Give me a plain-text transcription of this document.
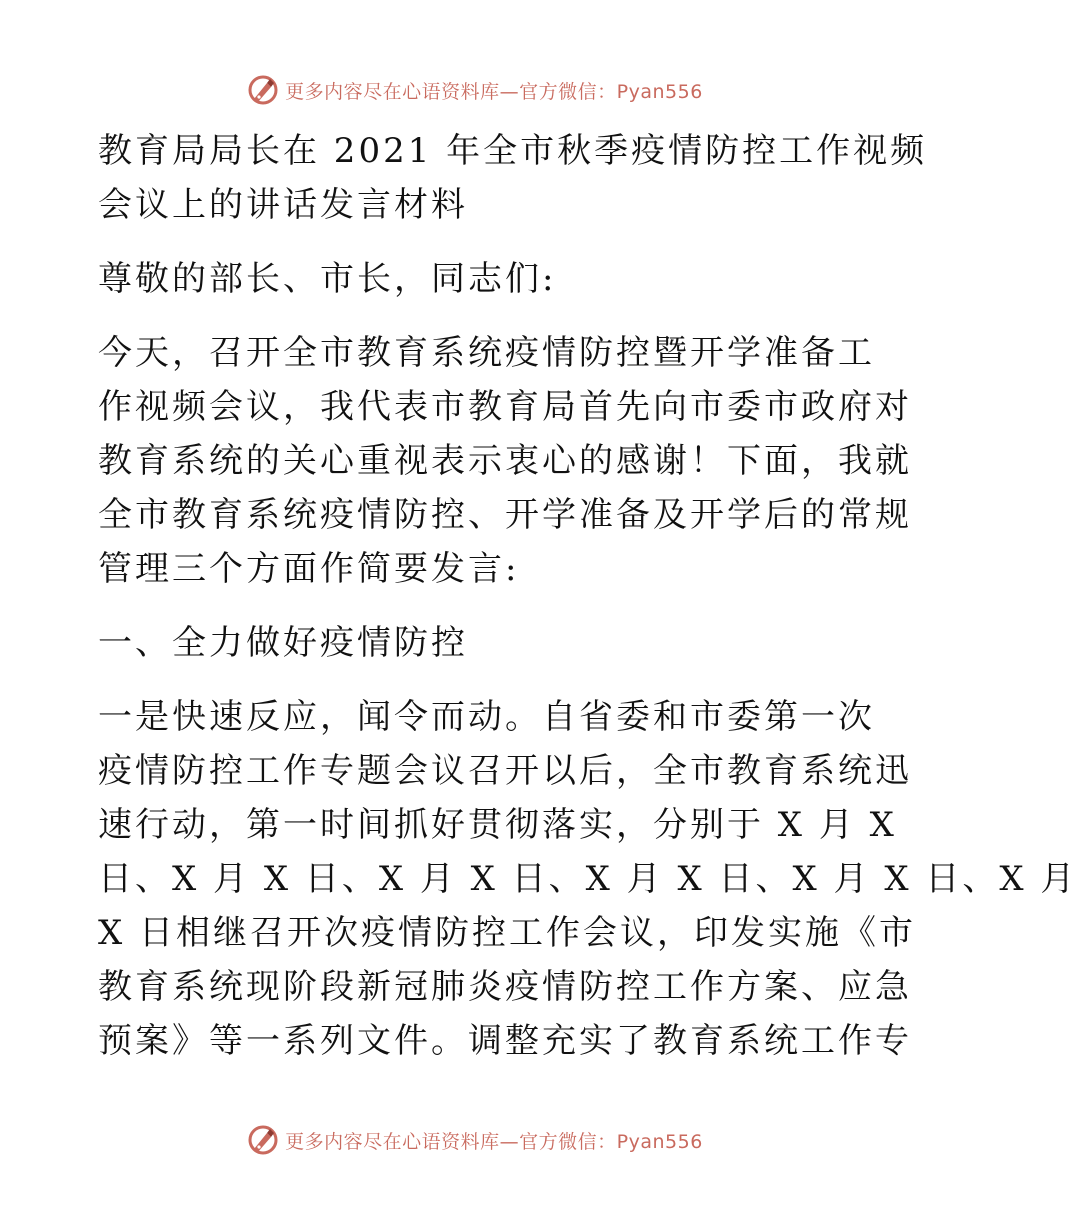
更多内容尽在心语资料库—官方微信：Pyan556
教育局局长在 2021 年全市秋季疫情防控工作视频
会议上的讲话发言材料
尊敬的部长、市长，同志们:
今天，召开全市教育系统疫情防控暨开学准备工
作视频会议，我代表市教育局首先向市委市政府对
教育系统的关心重视表示衷心的感谢！下面，我就
全市教育系统疫情防控、开学准备及开学后的常规
管理三个方面作简要发言:
一、全力做好疫情防控
一是快速反应，闻令而动。自省委和市委第一次
疫情防控工作专题会议召开以后，全市教育系统迅
速行动，第一时间抓好贯彻落实，分别于 X 月 X
日、X 月 X 日、X 月 X 日、X 月 X 日、X 月 X 日、X 月
X 日相继召开次疫情防控工作会议，印发实施《市
教育系统现阶段新冠肺炎疫情防控工作方案、应急
预案》等一系列文件。调整充实了教育系统工作专
更多内容尽在心语资料库—官方微信：Pyan556
